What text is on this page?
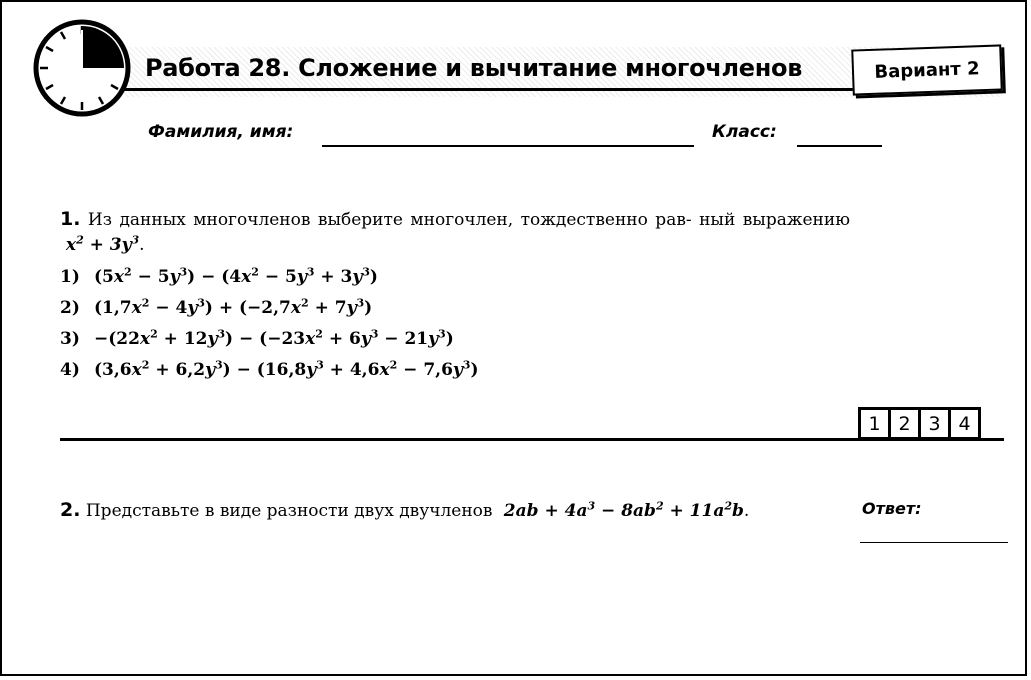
Работа 28. Сложение и вычитание многочленов	Вариант 2
Фамилия, имя:	Класс:
1. Из данных многочленов выберите многочлен, тождественно рав- ный выражению  $x^2 + 3y^3$.
1) $(5x^2 - 5y^3) - (4x^2 - 5y^3 + 3y^3)$
2) $(1,7x^2 - 4y^3) + (-2,7x^2 + 7y^3)$
$3) -(22x^2 + 12y^3) - (-23x^2 + 6y^3 - 21y^3)$
4) $(3,6x^2 + 6,2y^3) - (16,8y^3 + 4,6x^2 - 7,6y^3)$
1 2 3 4
2. Представьте в виде разности двух двучленов  $2ab + 4a^3 - 8ab^2 + 11a^2b$.	Ответ:
